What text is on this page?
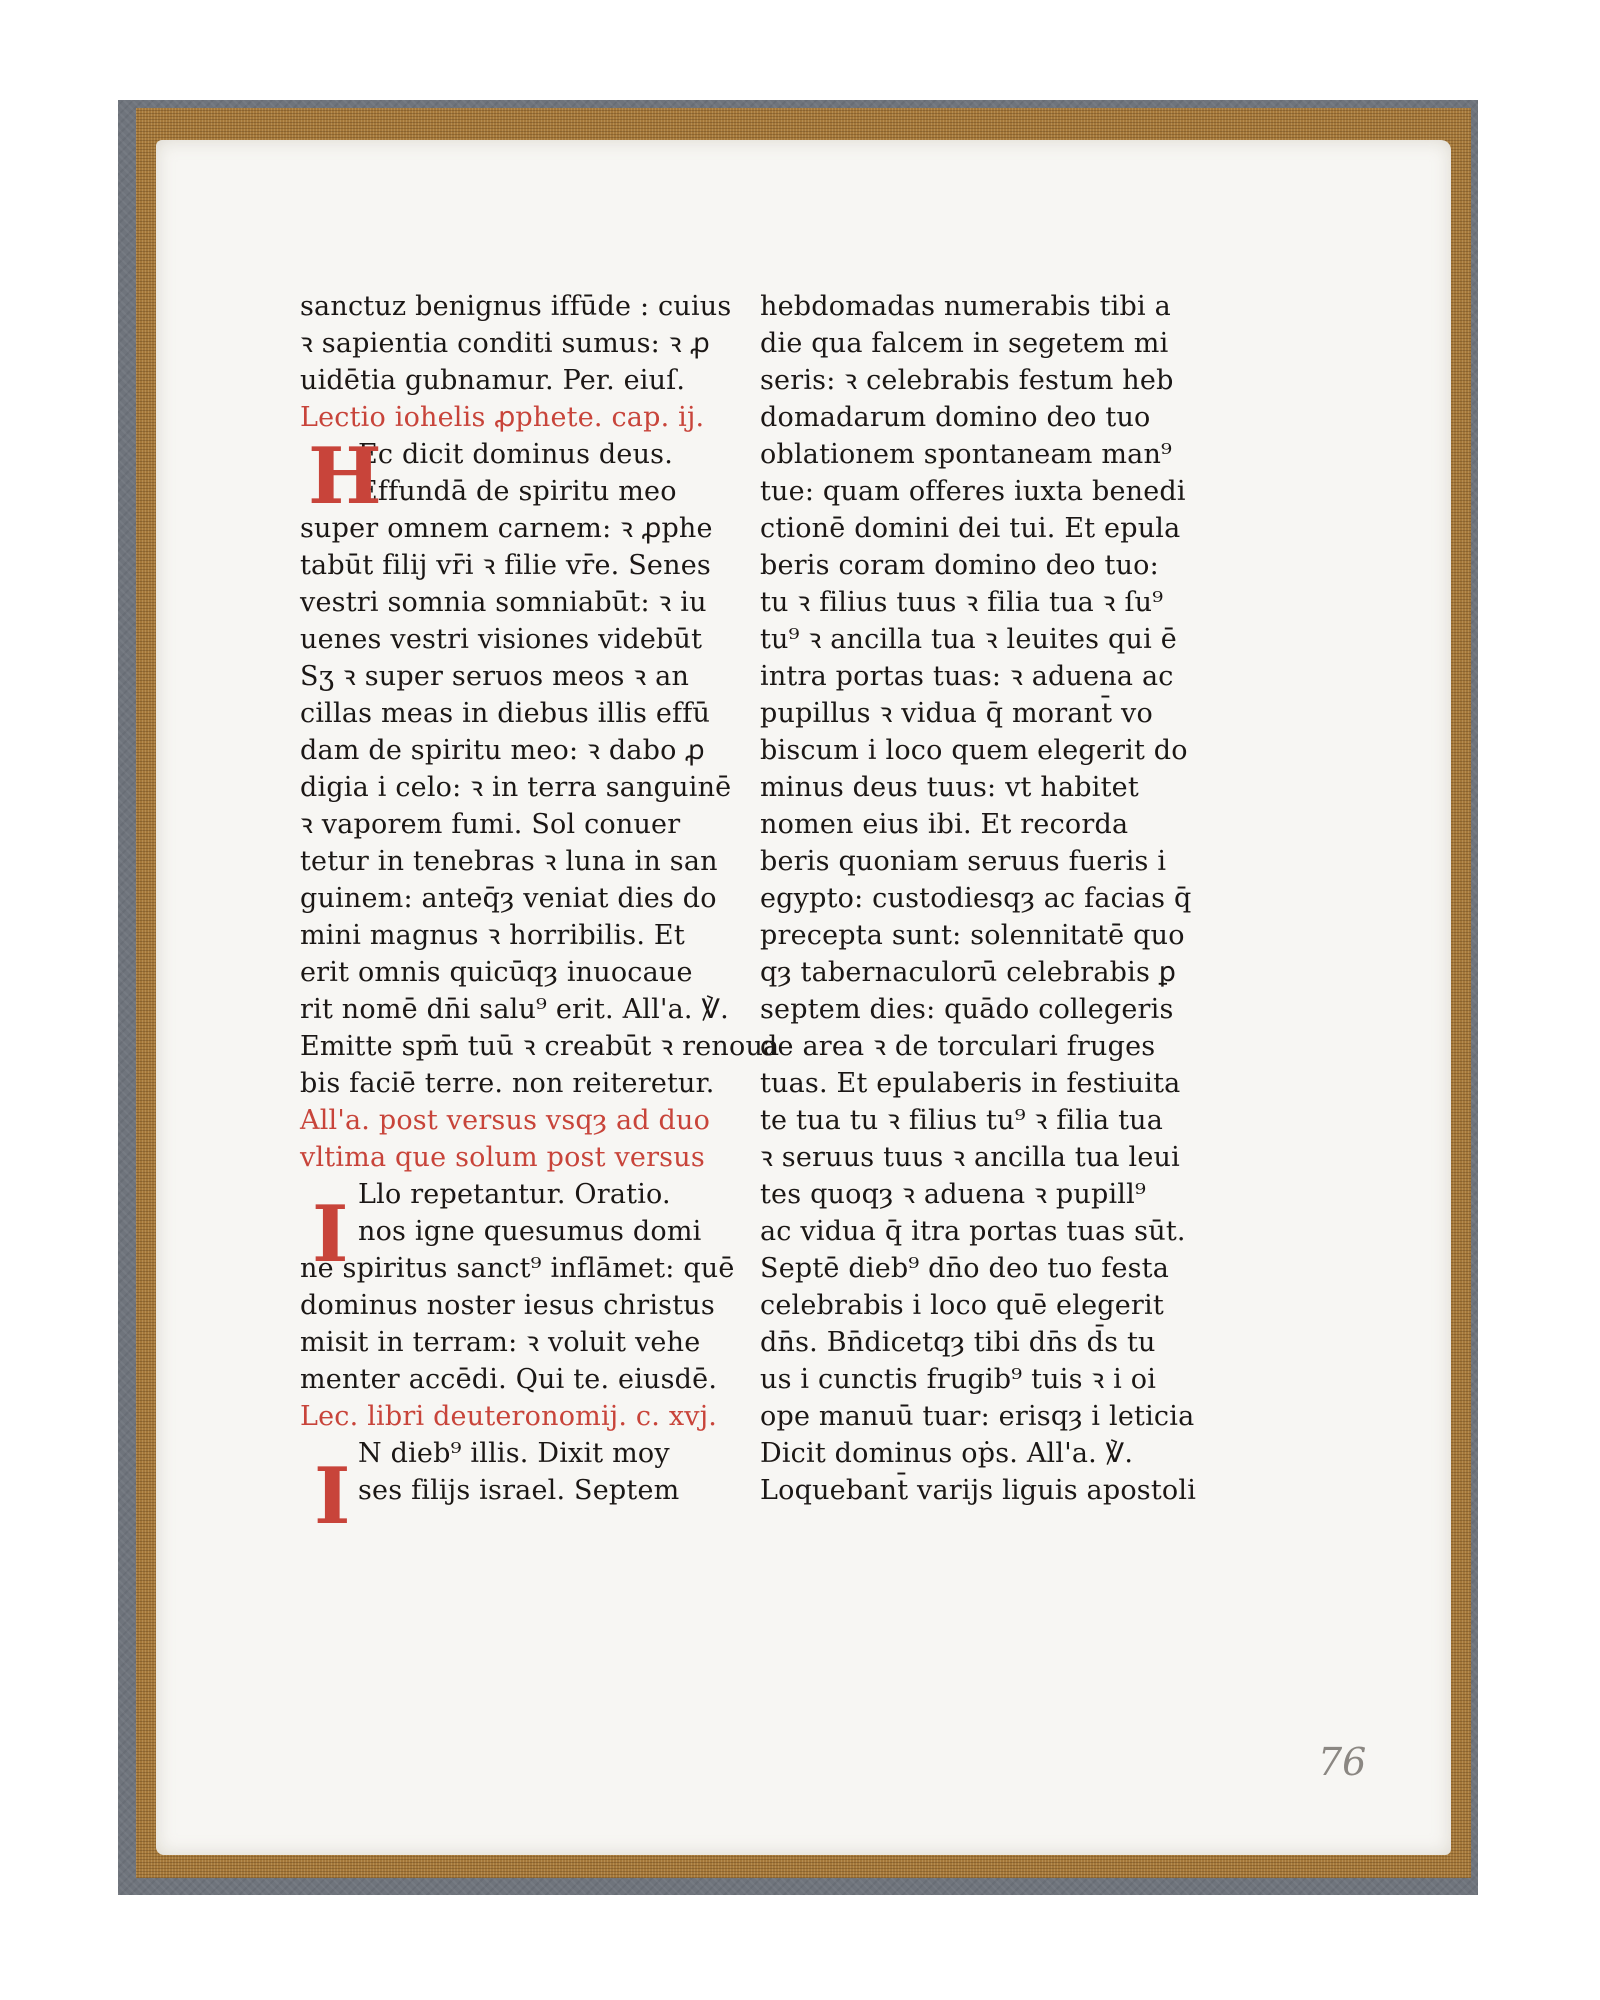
sanctuz benignus iffūde : cuius
ꝛ sapientia conditi sumus: ꝛ ꝓ
uidētia gubnamur. Per. eiuſ.
Lectio iohelis ꝓphete. cap. ij.
Ec dicit dominus deus.
Effundā de spiritu meo
super omnem carnem: ꝛ ꝓphe
tabūt filij vr̄i ꝛ filie vr̄e. Senes
vestri somnia somniabūt: ꝛ iu
uenes vestri visiones videbūt
Sʒ ꝛ super seruos meos ꝛ an
cillas meas in diebus illis effū
dam de spiritu meo: ꝛ dabo ꝓ
digia i celo: ꝛ in terra sanguinē
ꝛ vaporem fumi. Sol conuer
tetur in tenebras ꝛ luna in san
guinem: anteq̄ȝ veniat dies do
mini magnus ꝛ horribilis. Et
erit omnis quicūqȝ inuocaue
rit nomē dn̄i salu⁹ erit. All'a. ℣.
Emitte spm̄ tuū ꝛ creabūt ꝛ renoua
bis faciē terre. non reiteretur.
All'a. post versus vsqȝ ad duo
vltima que solum post versus
Llo repetantur. Oratio.
nos igne quesumus domi
ne spiritus sanct⁹ inflāmet: quē
dominus noster iesus christus
misit in terram: ꝛ voluit vehe
menter accēdi. Qui te. eiusdē.
Lec. libri deuteronomij. c. xvj.
N dieb⁹ illis. Dixit moy
ses filijs israel. Septem
hebdomadas numerabis tibi a
die qua falcem in segetem mi
seris: ꝛ celebrabis festum heb
domadarum domino deo tuo
oblationem spontaneam man⁹
tue: quam offeres iuxta benedi
ctionē domini dei tui. Et epula
beris coram domino deo tuo:
tu ꝛ filius tuus ꝛ filia tua ꝛ ſu⁹
tu⁹ ꝛ ancilla tua ꝛ leuites qui ē
intra portas tuas: ꝛ aduena ac
pupillus ꝛ vidua q̄ morant̄ vo
biscum i loco quem elegerit do
minus deus tuus: vt habitet
nomen eius ibi. Et recorda
beris quoniam seruus fueris i
egypto: custodiesqȝ ac facias q̄
precepta sunt: solennitatē quo
qȝ tabernaculorū celebrabis ꝑ
septem dies: quādo collegeris
de area ꝛ de torculari fruges
tuas. Et epulaberis in festiuita
te tua tu ꝛ filius tu⁹ ꝛ filia tua
ꝛ seruus tuus ꝛ ancilla tua leui
tes quoqȝ ꝛ aduena ꝛ pupill⁹
ac vidua q̄ itra portas tuas sūt.
Septē dieb⁹ dn̄o deo tuo festa
celebrabis i loco quē elegerit
dn̄s. Bn̄dicetqȝ tibi dn̄s d̄s tu
us i cunctis frugib⁹ tuis ꝛ i oi
ope manuū tuar: erisqȝ i leticia
Dicit dominus oṗs. All'a. ℣.
Loquebant̄ varijs liguis apostoli
H
I
I
76
